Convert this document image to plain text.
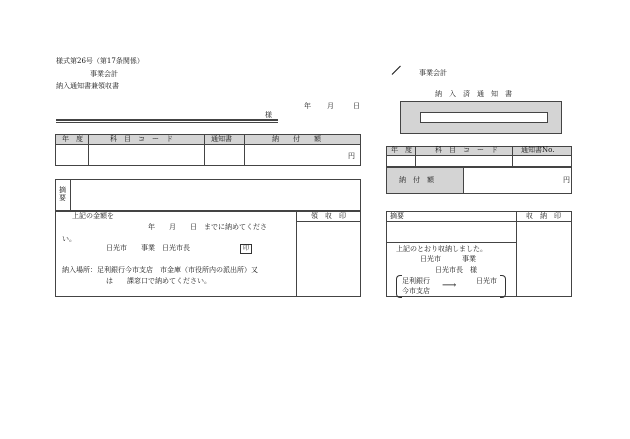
様式第26号（第17条関係）
事業会計
納入通知書兼領収書
年 月	日
様
年　度	科　目　コ　ー　ド	通知書	納　　付　　額
円
摘要
領　収　印
上記の金額を
年　　月　　日　までに納めてくださ
い。
日光市　　事業　日光市長	印
納入場所：足利銀行今市支店　市金庫（市役所内の派出所）又
は　　課窓口で納めてください。
事業会計
納　入　済　通　知　書
年　度	科　目　コ　ー　ド	通知書No.
納　付　額	円
摘要	収　納　印
上記のとおり収納しました。
日光市　　　事業
日光市長　様
足利銀行
今市支店 ⟶	日光市
